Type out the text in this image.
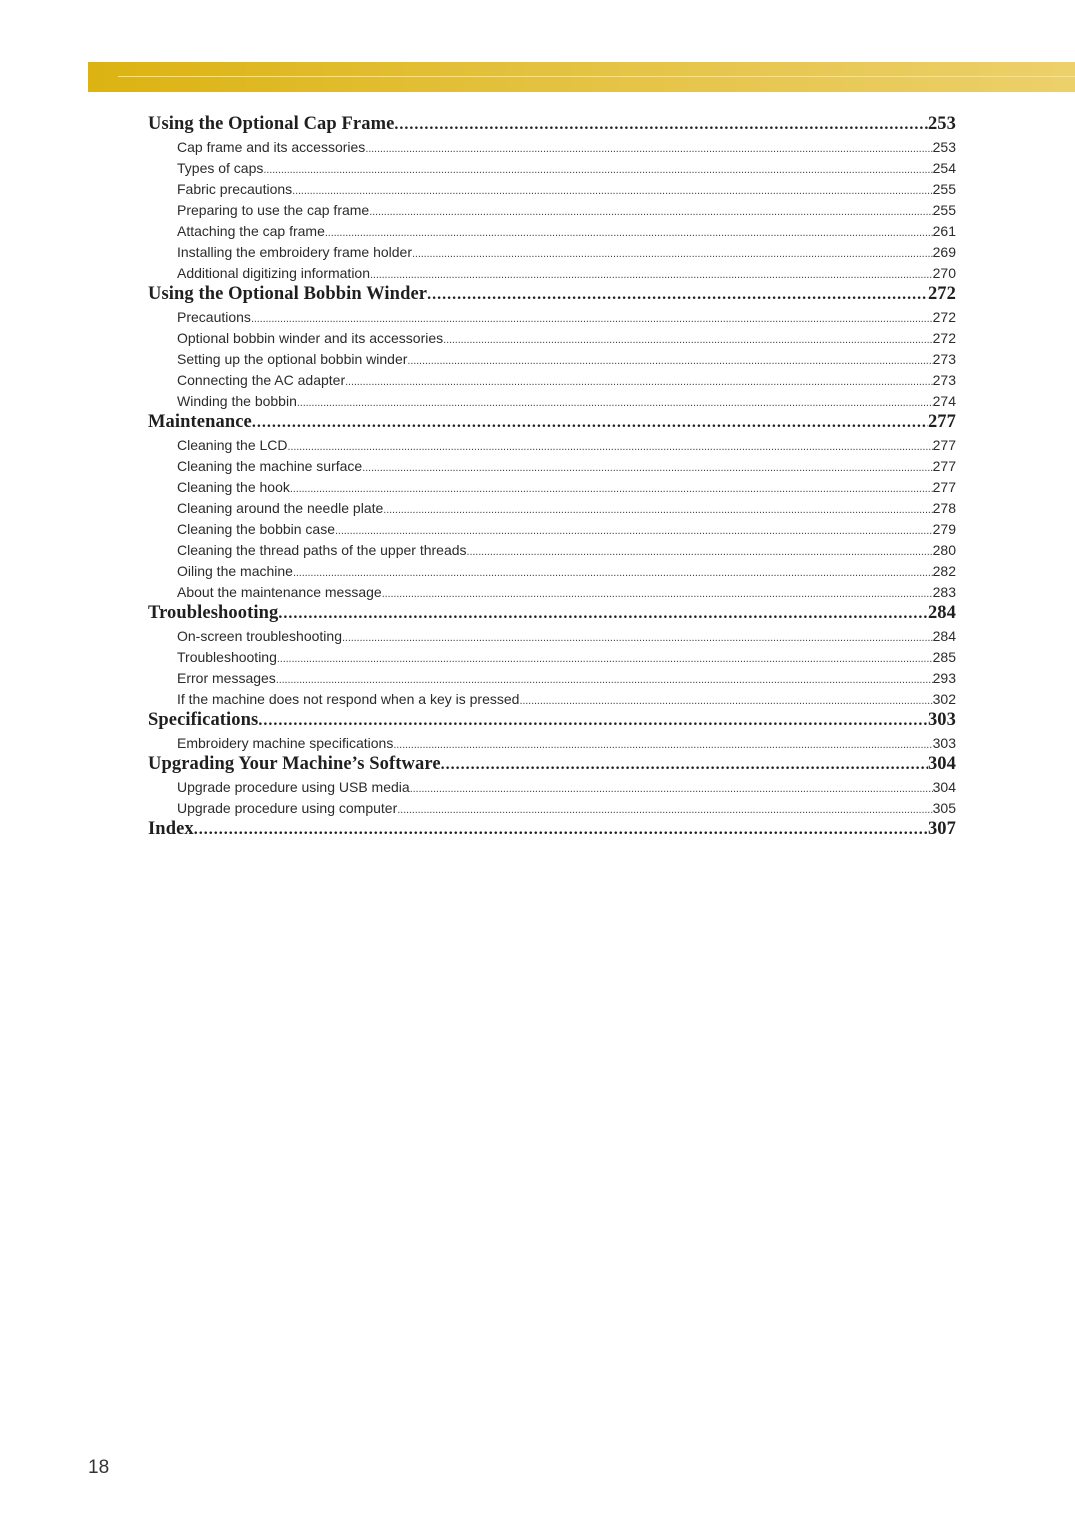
Using the Optional Cap Frame . . .	253
Cap frame and its accessories . . .	253
Types of caps . . .	254
Fabric precautions . . .	255
Preparing to use the cap frame . . .	255
Attaching the cap frame . . .	261
Installing the embroidery frame holder . . .	269
Additional digitizing information . . .	270
Using the Optional Bobbin Winder . . .	272
Precautions . . .	272
Optional bobbin winder and its accessories . . .	272
Setting up the optional bobbin winder . . .	273
Connecting the AC adapter . . .	273
Winding the bobbin . . .	274
Maintenance . . .	277
Cleaning the LCD . . .	277
Cleaning the machine surface . . .	277
Cleaning the hook . . .	277
Cleaning around the needle plate . . .	278
Cleaning the bobbin case . . .	279
Cleaning the thread paths of the upper threads . . .	280
Oiling the machine . . .	282
About the maintenance message . . .	283
Troubleshooting . . .	284
On-screen troubleshooting . . .	284
Troubleshooting . . .	285
Error messages . . .	293
If the machine does not respond when a key is pressed . . .	302
Specifications . . .	303
Embroidery machine specifications . . .	303
Upgrading Your Machine’s Software . . .	304
Upgrade procedure using USB media . . .	304
Upgrade procedure using computer . . .	305
Index . . .	307
18
